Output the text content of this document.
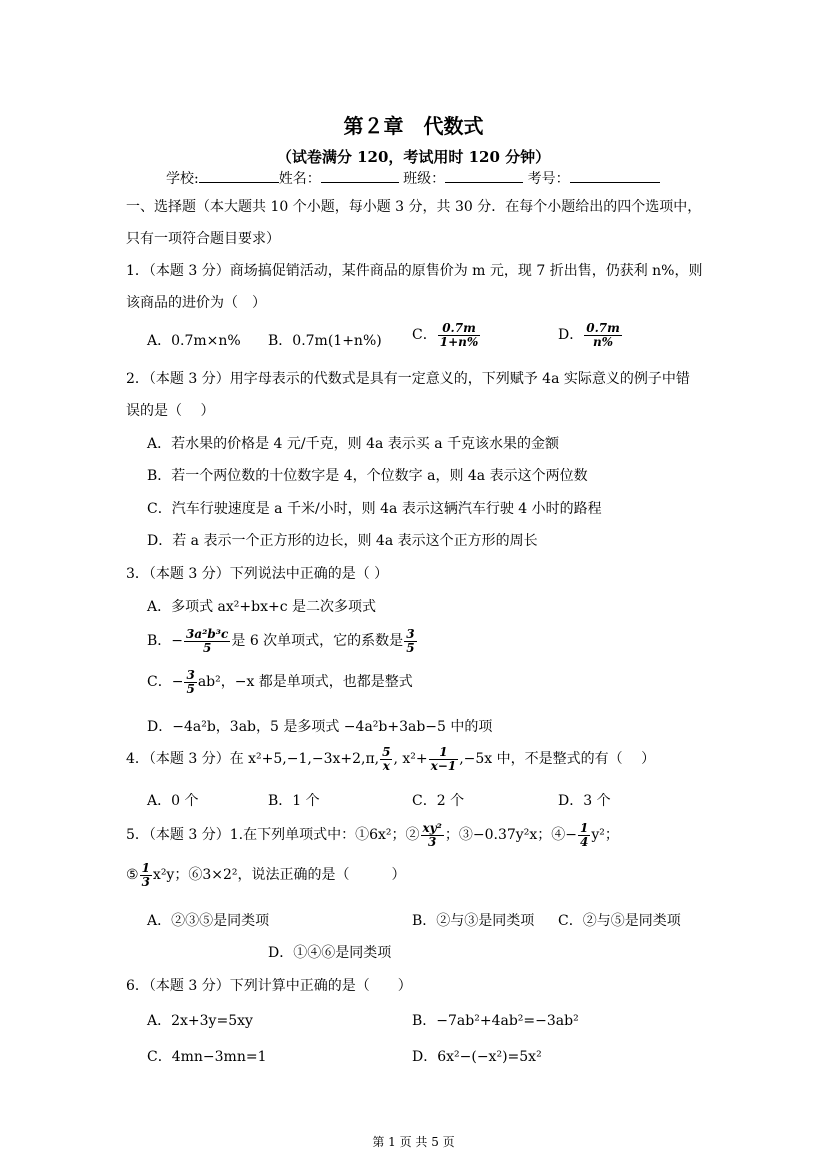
第２章　代数式
（试卷满分 120，考试用时 120 分钟）
学校:	姓名：	班级：	考号：
一、选择题（本大题共 10 个小题，每小题 3 分，共 30 分．在每个小题给出的四个选项中，
只有一项符合题目要求）
1．（本题 3 分）商场搞促销活动，某件商品的原售价为 m 元，现 7 折出售，仍获利 n%，则
该商品的进价为（　）
A．0.7m×n% B．0.7m(1+n%) C． $\frac{0.7m}{1+n\%}$	D． $\frac{0.7m}{n\%}$
2．（本题 3 分）用字母表示的代数式是具有一定意义的，下列赋予 4a 实际意义的例子中错
误的是（　 ）
A．若水果的价格是 4 元/千克，则 4a 表示买 a 千克该水果的金额
B．若一个两位数的十位数字是 4，个位数字 a，则 4a 表示这个两位数
C．汽车行驶速度是 a 千米/小时，则 4a 表示这辆汽车行驶 4 小时的路程
D．若 a 表示一个正方形的边长，则 4a 表示这个正方形的周长
3．（本题 3 分）下列说法中正确的是（ ）
A．多项式 ax²+bx+c 是二次多项式
B．− $\frac{\text{3a²b³c}}{5}$ 是 6 次单项式，它的系数是 $\frac{3}{5}$
C．− $\frac{3}{5} ab^2$，−x 都是单项式，也都是整式
D．−4a²b，3ab，5 是多项式 −4a²b+3ab−5 中的项
4．（本题 3 分）在 x²+5,−1,−3x+2,π, $\frac{5}{x}$ , $x^2+ \frac{1}{x-1} ,-5x$ 中，不是整式的有（　 ）
A．0 个	B．1 个	C．2 个	D．3 个
5．（本题 3 分）1.在下列单项式中：①6x²；② $\frac{\text{xy²}}{3}$ ；③−0.37y²x；④− $\frac{1}{4} y^2$；
⑤ $\frac{1}{3} x^2y$；⑥3×2²，说法正确的是（　　　）
A．②③⑤是同类项	B．②与③是同类项 C．②与⑤是同类项
D．①④⑥是同类项
6．（本题 3 分）下列计算中正确的是（　　）
A．2x+3y=5xy	B．−7ab²+4ab²=−3ab²
C．4mn−3mn=1	D．6x²−(−x²)=5x²
第 1 页 共 5 页
